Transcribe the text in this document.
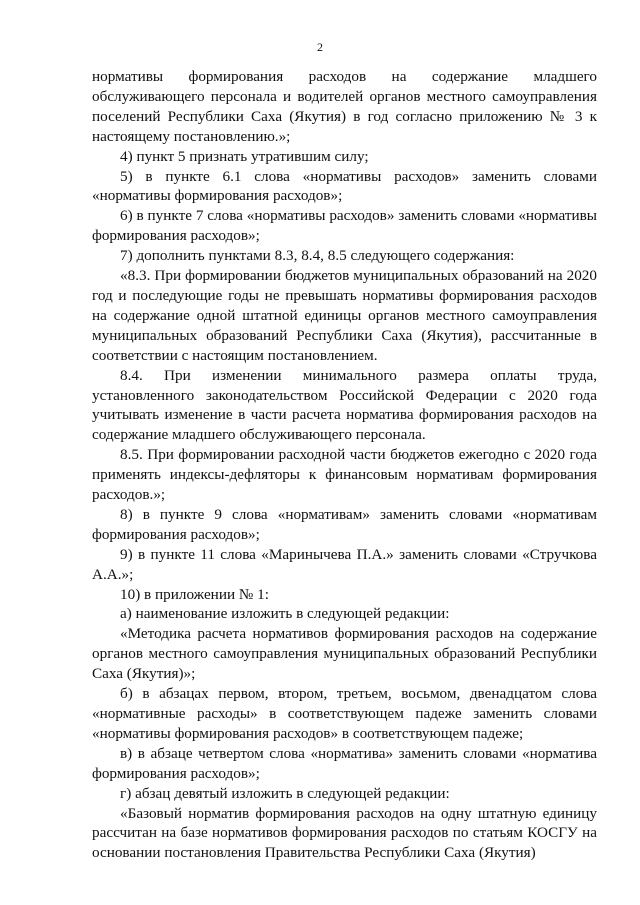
2

нормативы формирования расходов на содержание младшего обслуживающего персонала и водителей органов местного самоуправления поселений Республики Саха (Якутия) в год согласно приложению № 3 к настоящему постановлению.»;

4) пункт 5 признать утратившим силу;

5) в пункте 6.1 слова «нормативы расходов» заменить словами «нормативы формирования расходов»;

6) в пункте 7 слова «нормативы расходов» заменить словами «нормативы формирования расходов»;

7) дополнить пунктами 8.3, 8.4, 8.5 следующего содержания:

«8.3. При формировании бюджетов муниципальных образований на 2020 год и последующие годы не превышать нормативы формирования расходов на содержание одной штатной единицы органов местного самоуправления муниципальных образований Республики Саха (Якутия), рассчитанные в соответствии с настоящим постановлением.

8.4. При изменении минимального размера оплаты труда, установленного законодательством Российской Федерации с 2020 года учитывать изменение в части расчета норматива формирования расходов на содержание младшего обслуживающего персонала.

8.5. При формировании расходной части бюджетов ежегодно с 2020 года применять индексы-дефляторы к финансовым нормативам формирования расходов.»;

8) в пункте 9 слова «нормативам» заменить словами «нормативам формирования расходов»;

9) в пункте 11 слова «Маринычева П.А.» заменить словами «Стручкова А.А.»;

10) в приложении № 1:

а) наименование изложить в следующей редакции:

«Методика расчета нормативов формирования расходов на содержание органов местного самоуправления муниципальных образований Республики Саха (Якутия)»;

б) в абзацах первом, втором, третьем, восьмом, двенадцатом слова «нормативные расходы» в соответствующем падеже заменить словами «нормативы формирования расходов» в соответствующем падеже;

в) в абзаце четвертом слова «норматива» заменить словами «норматива формирования расходов»;

г) абзац девятый изложить в следующей редакции:

«Базовый норматив формирования расходов на одну штатную единицу рассчитан на базе нормативов формирования расходов по статьям КОСГУ на основании постановления Правительства Республики Саха (Якутия)
